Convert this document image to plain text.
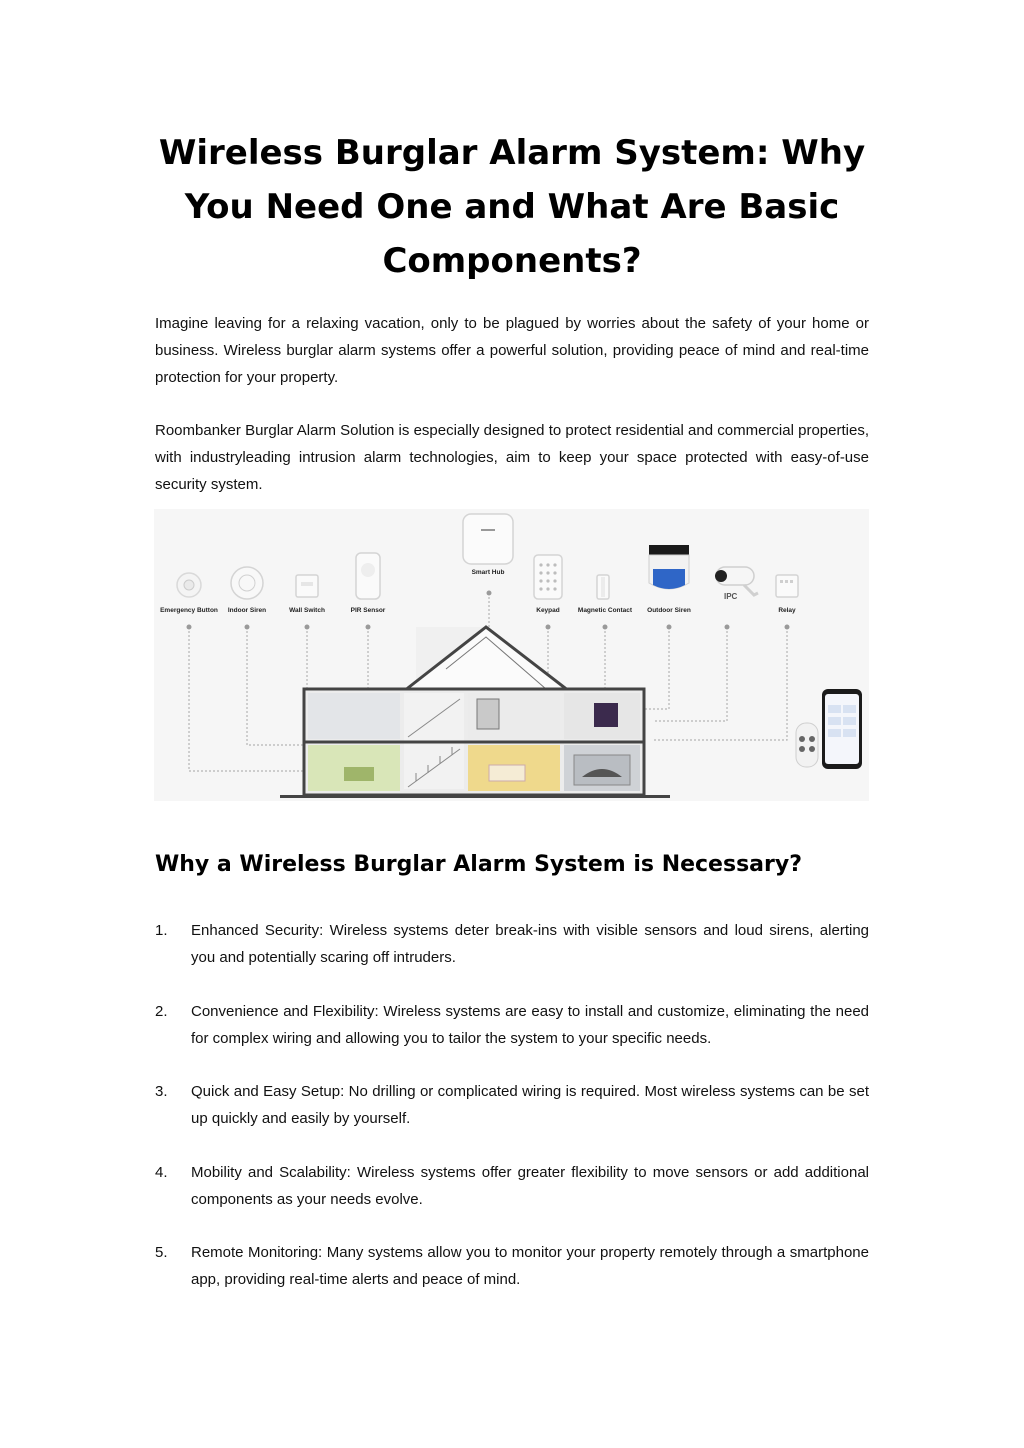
Wireless Burglar Alarm System: Why You Need One and What Are Basic Components?

Imagine leaving for a relaxing vacation, only to be plagued by worries about the safety of your home or business. Wireless burglar alarm systems offer a powerful solution, providing peace of mind and real-time protection for your property.

Roombanker Burglar Alarm Solution is especially designed to protect residential and commercial properties, with industryleading intrusion alarm technologies, aim to keep your space protected with easy-of-use security system.

Smart Hub
IPC
Emergency Button Indoor Siren	Wall Switch	PIR Sensor	Keypad	Magnetic Contact Outdoor Siren	Relay
Why a Wireless Burglar Alarm System is Necessary?
1. Enhanced Security: Wireless systems deter break-ins with visible sensors and loud sirens, alerting you and potentially scaring off intruders.
2. Convenience and Flexibility: Wireless systems are easy to install and customize, eliminating the need for complex wiring and allowing you to tailor the system to your specific needs.
3. Quick and Easy Setup: No drilling or complicated wiring is required. Most wireless systems can be set up quickly and easily by yourself.
4. Mobility and Scalability: Wireless systems offer greater flexibility to move sensors or add additional components as your needs evolve.
5. Remote Monitoring: Many systems allow you to monitor your property remotely through a smartphone app, providing real-time alerts and peace of mind.
